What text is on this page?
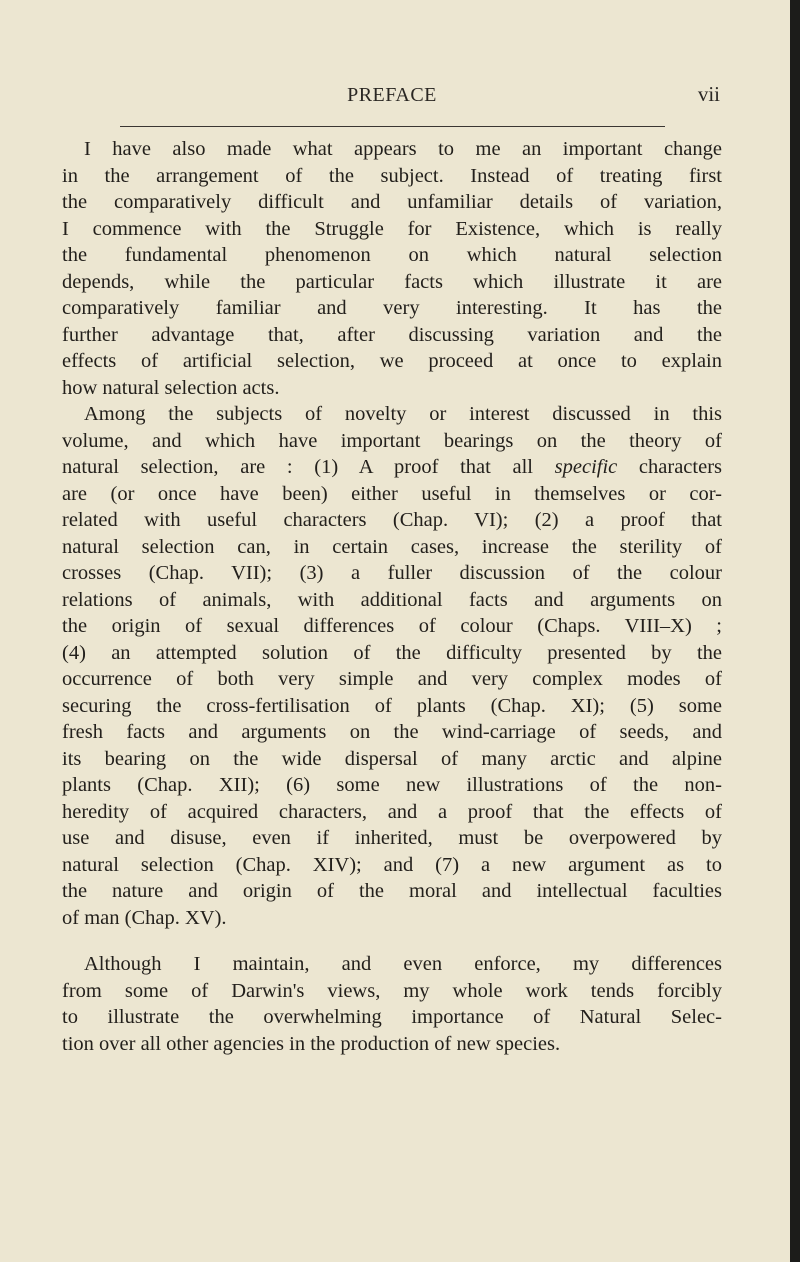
PREFACE	vii
I have also made what appears to me an important change
in the arrangement of the subject. Instead of treating first
the comparatively difficult and unfamiliar details of variation,
I commence with the Struggle for Existence, which is really
the fundamental phenomenon on which natural selection
depends, while the particular facts which illustrate it are
comparatively familiar and very interesting. It has the
further advantage that, after discussing variation and the
effects of artificial selection, we proceed at once to explain
how natural selection acts.
Among the subjects of novelty or interest discussed in this
volume, and which have important bearings on the theory of
natural selection, are : (1) A proof that all specific characters
are (or once have been) either useful in themselves or cor-
related with useful characters (Chap. VI); (2) a proof that
natural selection can, in certain cases, increase the sterility of
crosses (Chap. VII); (3) a fuller discussion of the colour
relations of animals, with additional facts and arguments on
the origin of sexual differences of colour (Chaps. VIII–X) ;
(4) an attempted solution of the difficulty presented by the
occurrence of both very simple and very complex modes of
securing the cross-fertilisation of plants (Chap. XI); (5) some
fresh facts and arguments on the wind-carriage of seeds, and
its bearing on the wide dispersal of many arctic and alpine
plants (Chap. XII); (6) some new illustrations of the non-
heredity of acquired characters, and a proof that the effects of
use and disuse, even if inherited, must be overpowered by
natural selection (Chap. XIV); and (7) a new argument as to
the nature and origin of the moral and intellectual faculties
of man (Chap. XV).
Although I maintain, and even enforce, my differences
from some of Darwin's views, my whole work tends forcibly
to illustrate the overwhelming importance of Natural Selec-
tion over all other agencies in the production of new species.
